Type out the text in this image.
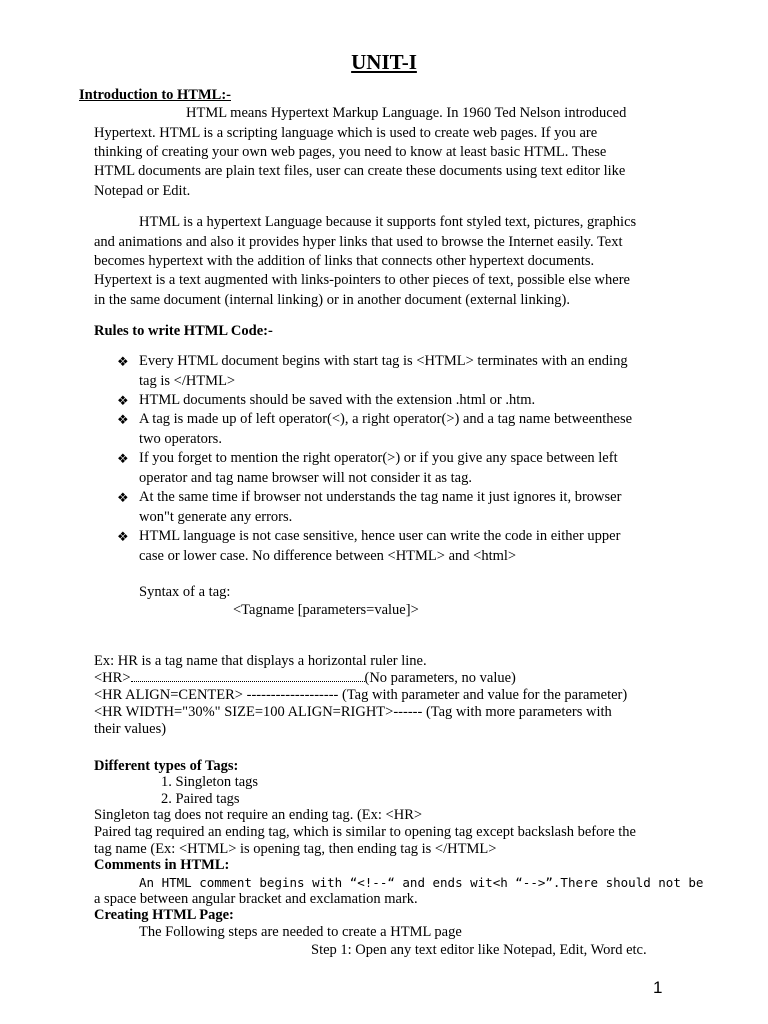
UNIT-I
Introduction to HTML:-
HTML means Hypertext Markup Language. In 1960 Ted Nelson introduced
Hypertext. HTML is a scripting language which is used to create web pages. If you are
thinking of creating your own web pages, you need to know at least basic HTML. These
HTML documents are plain text files, user can create these documents using text editor like
Notepad or Edit.
HTML is a hypertext Language because it supports font styled text, pictures, graphics
and animations and also it provides hyper links that used to browse the Internet easily. Text
becomes hypertext with the addition of links that connects other hypertext documents.
Hypertext is a text augmented with links-pointers to other pieces of text, possible else where
in the same document (internal linking) or in another document (external linking).
Rules to write HTML Code:-
❖ Every HTML document begins with start tag is <HTML> terminates with an ending
tag is </HTML>
❖ HTML documents should be saved with the extension .html or .htm.
❖ A tag is made up of left operator(<), a right operator(>) and a tag name betweenthese
two operators.
❖ If you forget to mention the right operator(>) or if you give any space between left
operator and tag name browser will not consider it as tag.
❖ At the same time if browser not understands the tag name it just ignores it, browser
won"t generate any errors.
❖ HTML language is not case sensitive, hence user can write the code in either upper
case or lower case. No difference between <HTML> and <html>
Syntax of a tag:
<Tagname [parameters=value]>
Ex: HR is a tag name that displays a horizontal ruler line.
<HR>	(No parameters, no value)
<HR ALIGN=CENTER> ------------------- (Tag with parameter and value for the parameter)
<HR WIDTH="30%" SIZE=100 ALIGN=RIGHT>------ (Tag with more parameters with
their values)
Different types of Tags:
1. Singleton tags
2. Paired tags
Singleton tag does not require an ending tag. (Ex: <HR>
Paired tag required an ending tag, which is similar to opening tag except backslash before the
tag name (Ex: <HTML> is opening tag, then ending tag is </HTML>
Comments in HTML:
An HTML comment begins with “<!--“ and ends wit<h “-->”.There should not be
a space between angular bracket and exclamation mark.
Creating HTML Page:
The Following steps are needed to create a HTML page
Step 1: Open any text editor like Notepad, Edit, Word etc.
1
